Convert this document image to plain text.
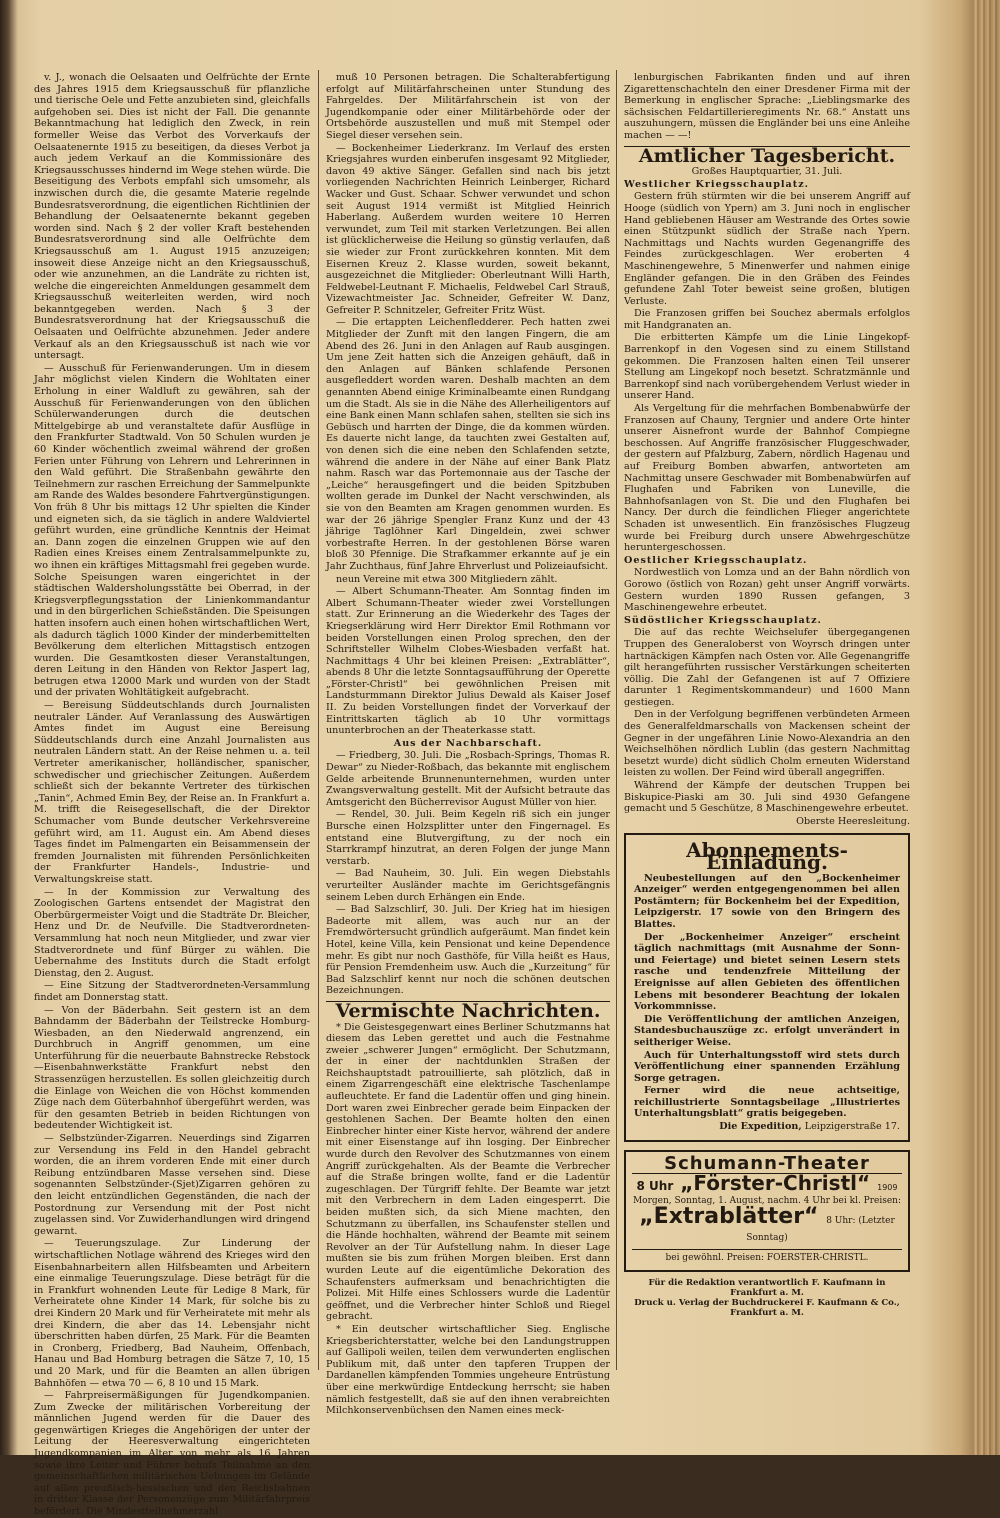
v. J., wonach die Oelsaaten und Oelfrüchte der Ernte des Jahres 1915 dem Kriegsausschuß für pflanzliche und tierische Oele und Fette anzubieten sind, gleichfalls aufgehoben sei. Dies ist nicht der Fall. Die genannte Bekanntmachung hat lediglich den Zweck, in rein formeller Weise das Verbot des Vorverkaufs der Oelsaatenernte 1915 zu beseitigen, da dieses Verbot ja auch jedem Verkauf an die Kommissionäre des Kriegsausschusses hindernd im Wege stehen würde. Die Beseitigung des Verbots empfahl sich umsomehr, als inzwischen durch die, die gesamte Materie regelnde Bundesratsverordnung, die eigentlichen Richtlinien der Behandlung der Oelsaatenernte bekannt gegeben worden sind. Nach § 2 der voller Kraft bestehenden Bundesratsverordnung sind alle Oelfrüchte dem Kriegsausschuß am 1. August 1915 anzuzeigen; insoweit diese Anzeige nicht an den Kriegsausschuß, oder wie anzunehmen, an die Landräte zu richten ist, welche die eingereichten Anmeldungen gesammelt dem Kriegsausschuß weiterleiten werden, wird noch bekanntgegeben werden. Nach § 3 der Bundesratsverordnung hat der Kriegsausschuß die Oelsaaten und Oelfrüchte abzunehmen. Jeder andere Verkauf als an den Kriegsausschuß ist nach wie vor untersagt.

— Ausschuß für Ferienwanderungen. Um in diesem Jahr möglichst vielen Kindern die Wohltaten einer Erholung in einer Waldluft zu gewähren, sah der Ausschuß für Ferienwanderungen von den üblichen Schülerwanderungen durch die deutschen Mittelgebirge ab und veranstaltete dafür Ausflüge in den Frankfurter Stadtwald. Von 50 Schulen wurden je 60 Kinder wöchentlich zweimal während der großen Ferien unter Führung von Lehrern und Lehrerinnen in den Wald geführt. Die Straßenbahn gewährte den Teilnehmern zur raschen Erreichung der Sammelpunkte am Rande des Waldes besondere Fahrtvergünstigungen. Von früh 8 Uhr bis mittags 12 Uhr spielten die Kinder und eigneten sich, da sie täglich in andere Waldviertel geführt wurden, eine gründliche Kenntnis der Heimat an. Dann zogen die einzelnen Gruppen wie auf den Radien eines Kreises einem Zentralsammelpunkte zu, wo ihnen ein kräftiges Mittagsmahl frei gegeben wurde. Solche Speisungen waren eingerichtet in der städtischen Waldersholungsstätte bei Oberrad, in der Kriegsverpflegungsstation der Linienkommandantur und in den bürgerlichen Schießständen. Die Speisungen hatten insofern auch einen hohen wirtschaftlichen Wert, als dadurch täglich 1000 Kinder der minderbemittelten Bevölkerung dem elterlichen Mittagstisch entzogen wurden. Die Gesamtkosten dieser Veranstaltungen, deren Leitung in den Händen von Rektor Jaspert lag, betrugen etwa 12000 Mark und wurden von der Stadt und der privaten Wohltätigkeit aufgebracht.

— Bereisung Süddeutschlands durch Journalisten neutraler Länder. Auf Veranlassung des Auswärtigen Amtes findet im August eine Bereisung Süddeutschlands durch eine Anzahl Journalisten aus neutralen Ländern statt. An der Reise nehmen u. a. teil Vertreter amerikanischer, holländischer, spanischer, schwedischer und griechischer Zeitungen. Außerdem schließt sich der bekannte Vertreter des türkischen „Tanin“, Achmed Emin Bey, der Reise an. In Frankfurt a. M. trifft die Reisegesellschaft, die der Direktor Schumacher vom Bunde deutscher Verkehrsvereine geführt wird, am 11. August ein. Am Abend dieses Tages findet im Palmengarten ein Beisammensein der fremden Journalisten mit führenden Persönlichkeiten der Frankfurter Handels-, Industrie- und Verwaltungskreise statt.

— In der Kommission zur Verwaltung des Zoologischen Gartens entsendet der Magistrat den Oberbürgermeister Voigt und die Stadträte Dr. Bleicher, Henz und Dr. de Neufville. Die Stadtverordneten-Versammlung hat noch neun Mitglieder, und zwar vier Stadtverordnete und fünf Bürger zu wählen. Die Uebernahme des Instituts durch die Stadt erfolgt Dienstag, den 2. August.

— Eine Sitzung der Stadtverordneten-Versammlung findet am Donnerstag statt.

— Von der Bäderbahn. Seit gestern ist an dem Bahndamm der Bäderbahn der Teilstrecke Homburg-Wiesbaden, an den Niederwald angrenzend, ein Durchbruch in Angriff genommen, um eine Unterführung für die neuerbaute Bahnstrecke Rebstock—Eisenbahnwerkstätte Frankfurt nebst den Strassenzügen herzustellen. Es sollen gleichzeitig durch die Einlage von Weichen die von Höchst kommenden Züge nach dem Güterbahnhof übergeführt werden, was für den gesamten Betrieb in beiden Richtungen von bedeutender Wichtigkeit ist.

— Selbstzünder-Zigarren. Neuerdings sind Zigarren zur Versendung ins Feld in den Handel gebracht worden, die an ihrem vorderen Ende mit einer durch Reibung entzündbaren Masse versehen sind. Diese sogenannten Selbstzünder-(Sjet)Zigarren gehören zu den leicht entzündlichen Gegenständen, die nach der Postordnung zur Versendung mit der Post nicht zugelassen sind. Vor Zuwiderhandlungen wird dringend gewarnt.

— Teuerungszulage. Zur Linderung der wirtschaftlichen Notlage während des Krieges wird den Eisenbahnarbeitern allen Hilfsbeamten und Arbeitern eine einmalige Teuerungszulage. Diese beträgt für die in Frankfurt wohnenden Leute für Ledige 8 Mark, für Verheiratete ohne Kinder 14 Mark, für solche bis zu drei Kindern 20 Mark und für Verheiratete mit mehr als drei Kindern, die aber das 14. Lebensjahr nicht überschritten haben dürfen, 25 Mark. Für die Beamten in Cronberg, Friedberg, Bad Nauheim, Offenbach, Hanau und Bad Homburg betragen die Sätze 7, 10, 15 und 20 Mark, und für die Beamten an allen übrigen Bahnhöfen — etwa 70 — 6, 8 10 und 15 Mark.

— Fahrpreisermäßigungen für Jugendkompanien. Zum Zwecke der militärischen Vorbereitung der männlichen Jugend werden für die Dauer des gegenwärtigen Krieges die Angehörigen der unter der Leitung der Heeresverwaltung eingerichteten Jugendkompanien im Alter von mehr als 16 Jahren sowie ihre Leiter und Führer behufs Teilnahme an den gemeinschaftlichen militärischen Uebungen im Gelände auf allen preußisch-hessischen und den Reichsbahnen in dritter Klasse der Personenzüge zum Militärfahrpreis befördert. Die Mindestteilnehmerzahl

muß 10 Personen betragen. Die Schalterabfertigung erfolgt auf Militärfahrscheinen unter Stundung des Fahrgeldes. Der Militärfahrschein ist von der Jugendkompanie oder einer Militärbehörde oder der Ortsbehörde auszustellen und muß mit Stempel oder Siegel dieser versehen sein.

— Bockenheimer Liederkranz. Im Verlauf des ersten Kriegsjahres wurden einberufen insgesamt 92 Mitglieder, davon 49 aktive Sänger. Gefallen sind nach bis jetzt vorliegenden Nachrichten Heinrich Leinberger, Richard Wacker und Gust. Schaar. Schwer verwundet und schon seit August 1914 vermißt ist Mitglied Heinrich Haberlang. Außerdem wurden weitere 10 Herren verwundet, zum Teil mit starken Verletzungen. Bei allen ist glücklicherweise die Heilung so günstig verlaufen, daß sie wieder zur Front zurückkehren konnten. Mit dem Eisernen Kreuz 2. Klasse wurden, soweit bekannt, ausgezeichnet die Mitglieder: Oberleutnant Willi Harth, Feldwebel-Leutnant F. Michaelis, Feldwebel Carl Strauß, Vizewachtmeister Jac. Schneider, Gefreiter W. Danz, Gefreiter P. Schnitzeler, Gefreiter Fritz Wüst.

— Die ertappten Leichenfledderer. Pech hatten zwei Mitglieder der Zunft mit den langen Fingern, die am Abend des 26. Juni in den Anlagen auf Raub ausgingen. Um jene Zeit hatten sich die Anzeigen gehäuft, daß in den Anlagen auf Bänken schlafende Personen ausgefleddert worden waren. Deshalb machten an dem genannten Abend einige Kriminalbeamte einen Rundgang um die Stadt. Als sie in die Nähe des Allerheiligentors auf eine Bank einen Mann schlafen sahen, stellten sie sich ins Gebüsch und harrten der Dinge, die da kommen würden. Es dauerte nicht lange, da tauchten zwei Gestalten auf, von denen sich die eine neben den Schlafenden setzte, während die andere in der Nähe auf einer Bank Platz nahm. Rasch war das Portemonnaie aus der Tasche der „Leiche“ herausgefingert und die beiden Spitzbuben wollten gerade im Dunkel der Nacht verschwinden, als sie von den Beamten am Kragen genommen wurden. Es war der 26 jährige Spengler Franz Kunz und der 43 jährige Taglöhner Karl Dingeldein, zwei schwer vorbestrafte Herren. In der gestohlenen Börse waren bloß 30 Pfennige. Die Strafkammer erkannte auf je ein Jahr Zuchthaus, fünf Jahre Ehrverlust und Polizeiaufsicht.

neun Vereine mit etwa 300 Mitgliedern zählt.

— Albert Schumann-Theater. Am Sonntag finden im Albert Schumann-Theater wieder zwei Vorstellungen statt. Zur Erinnerung an die Wiederkehr des Tages der Kriegserklärung wird Herr Direktor Emil Rothmann vor beiden Vorstellungen einen Prolog sprechen, den der Schriftsteller Wilhelm Clobes-Wiesbaden verfaßt hat. Nachmittags 4 Uhr bei kleinen Preisen: „Extrablätter“, abends 8 Uhr die letzte Sonntagsaufführung der Operette „Förster-Christl“ bei gewöhnlichen Preisen mit Landsturmmann Direktor Julius Dewald als Kaiser Josef II. Zu beiden Vorstellungen findet der Vorverkauf der Eintrittskarten täglich ab 10 Uhr vormittags ununterbrochen an der Theaterkasse statt.

Aus der Nachbarschaft.

— Friedberg, 30. Juli. Die „Rosbach-Springs, Thomas R. Dewar“ zu Nieder-Roßbach, das bekannte mit englischem Gelde arbeitende Brunnenunternehmen, wurden unter Zwangsverwaltung gestellt. Mit der Aufsicht betraute das Amtsgericht den Bücherrevisor August Müller von hier.

— Rendel, 30. Juli. Beim Kegeln riß sich ein junger Bursche einen Holzsplitter unter den Fingernagel. Es entstand eine Blutvergiftung, zu der noch ein Starrkrampf hinzutrat, an deren Folgen der junge Mann verstarb.

— Bad Nauheim, 30. Juli. Ein wegen Diebstahls verurteilter Ausländer machte im Gerichtsgefängnis seinem Leben durch Erhängen ein Ende.

— Bad Salzschlirf, 30. Juli. Der Krieg hat im hiesigen Badeorte mit allem, was auch nur an der Fremdwörtersucht gründlich aufgeräumt. Man findet kein Hotel, keine Villa, kein Pensionat und keine Dependence mehr. Es gibt nur noch Gasthöfe, für Villa heißt es Haus, für Pension Fremdenheim usw. Auch die „Kurzeitung“ für Bad Salzschlirf kennt nur noch die schönen deutschen Bezeichnungen.

Vermischte Nachrichten.

* Die Geistesgegenwart eines Berliner Schutzmanns hat diesem das Leben gerettet und auch die Festnahme zweier „schwerer Jungen“ ermöglicht. Der Schutzmann, der in einer der nachtdunklen Straßen der Reichshauptstadt patrouillierte, sah plötzlich, daß in einem Zigarrengeschäft eine elektrische Taschenlampe aufleuchtete. Er fand die Ladentür offen und ging hinein. Dort waren zwei Einbrecher gerade beim Einpacken der gestohlenen Sachen. Der Beamte holten den einen Einbrecher hinter einer Kiste hervor, während der andere mit einer Eisenstange auf ihn losging. Der Einbrecher wurde durch den Revolver des Schutzmannes von einem Angriff zurückgehalten. Als der Beamte die Verbrecher auf die Straße bringen wollte, fand er die Ladentür zugeschlagen. Der Türgriff fehlte. Der Beamte war jetzt mit den Verbrechern in dem Laden eingesperrt. Die beiden mußten sich, da sich Miene machten, den Schutzmann zu überfallen, ins Schaufenster stellen und die Hände hochhalten, während der Beamte mit seinem Revolver an der Tür Aufstellung nahm. In dieser Lage mußten sie bis zum frühen Morgen bleiben. Erst dann wurden Leute auf die eigentümliche Dekoration des Schaufensters aufmerksam und benachrichtigten die Polizei. Mit Hilfe eines Schlossers wurde die Ladentür geöffnet, und die Verbrecher hinter Schloß und Riegel gebracht.

* Ein deutscher wirtschaftlicher Sieg. Englische Kriegsberichterstatter, welche bei den Landungstruppen auf Gallipoli weilen, teilen dem verwunderten englischen Publikum mit, daß unter den tapferen Truppen der Dardanellen kämpfenden Tommies ungeheure Entrüstung über eine merkwürdige Entdeckung herrscht; sie haben nämlich festgestellt, daß sie auf den ihnen verabreichten Milchkonservenbüchsen den Namen eines meck-

lenburgischen Fabrikanten finden und auf ihren Zigarettenschachteln den einer Dresdener Firma mit der Bemerkung in englischer Sprache: „Lieblingsmarke des sächsischen Feldartillerieregiments Nr. 68.“ Anstatt uns auszuhungern, müssen die Engländer bei uns eine Anleihe machen — —!

Amtlicher Tagesbericht.

Großes Hauptquartier, 31. Juli.

Westlicher Kriegsschauplatz.

Gestern früh stürmten wir die bei unserem Angriff auf Hooge (südlich von Ypern) am 3. Juni noch in englischer Hand gebliebenen Häuser am Westrande des Ortes sowie einen Stützpunkt südlich der Straße nach Ypern. Nachmittags und Nachts wurden Gegenangriffe des Feindes zurückgeschlagen. Wer eroberten 4 Maschinengewehre, 5 Minenwerfer und nahmen einige Engländer gefangen. Die in den Gräben des Feindes gefundene Zahl Toter beweist seine großen, blutigen Verluste.

Die Franzosen griffen bei Souchez abermals erfolglos mit Handgranaten an.

Die erbitterten Kämpfe um die Linie Lingekopf-Barrenkopf in den Vogesen sind zu einem Stillstand gekommen. Die Franzosen halten einen Teil unserer Stellung am Lingekopf noch besetzt. Schratzmännle und Barrenkopf sind nach vorübergehendem Verlust wieder in unserer Hand.

Als Vergeltung für die mehrfachen Bombenabwürfe der Franzosen auf Chauny, Tergnier und andere Orte hinter unserer Aisnefront wurde der Bahnhof Compiegne beschossen. Auf Angriffe französischer Fluggeschwader, der gestern auf Pfalzburg, Zabern, nördlich Hagenau und auf Freiburg Bomben abwarfen, antworteten am Nachmittag unsere Geschwader mit Bombenabwürfen auf Flughafen und Fabriken von Luneville, die Bahnhofsanlagen von St. Die und den Flughafen bei Nancy. Der durch die feindlichen Flieger angerichtete Schaden ist unwesentlich. Ein französisches Flugzeug wurde bei Freiburg durch unsere Abwehrgeschütze heruntergeschossen.

Oestlicher Kriegsschauplatz.

Nordwestlich von Lomza und an der Bahn nördlich von Gorowo (östlich von Rozan) geht unser Angriff vorwärts. Gestern wurden 1890 Russen gefangen, 3 Maschinengewehre erbeutet.

Südöstlicher Kriegsschauplatz.

Die auf das rechte Weichselufer übergegangenen Truppen des Generaloberst von Woyrsch dringen unter hartnäckigen Kämpfen nach Osten vor. Alle Gegenangriffe gilt herangeführten russischer Verstärkungen scheiterten völlig. Die Zahl der Gefangenen ist auf 7 Offiziere darunter 1 Regimentskommandeur) und 1600 Mann gestiegen.

Den in der Verfolgung begriffenen verbündeten Armeen des Generalfeldmarschalls von Mackensen scheint der Gegner in der ungefähren Linie Nowo-Alexandria an den Weichselhöhen nördlich Lublin (das gestern Nachmittag besetzt wurde) dicht südlich Cholm erneuten Widerstand leisten zu wollen. Der Feind wird überall angegriffen.

Während der Kämpfe der deutschen Truppen bei Biskupice-Piaski am 30. Juli sind 4930 Gefangene gemacht und 5 Geschütze, 8 Maschinengewehre erbeutet.

Oberste Heeresleitung.

Abonnements-Einladung.

Neubestellungen auf den „Bockenheimer Anzeiger“ werden entgegengenommen bei allen Postämtern; für Bockenheim bei der Expedition, Leipzigerstr. 17 sowie von den Bringern des Blattes.

Der „Bockenheimer Anzeiger“ erscheint täglich nachmittags (mit Ausnahme der Sonn- und Feiertage) und bietet seinen Lesern stets rasche und tendenzfreie Mitteilung der Ereignisse auf allen Gebieten des öffentlichen Lebens mit besonderer Beachtung der lokalen Vorkommnisse.

Die Veröffentlichung der amtlichen Anzeigen, Standesbuchauszüge zc. erfolgt unverändert in seitheriger Weise.

Auch für Unterhaltungsstoff wird stets durch Veröffentlichung einer spannenden Erzählung Sorge getragen.

Ferner wird die neue achtseitige, reichillustrierte Sonntagsbeilage „Illustriertes Unterhaltungsblatt“ gratis beigegeben.

Die Expedition, Leipzigerstraße 17.

Schumann-Theater
8 Uhr „Förster-Christl“ 1909
Morgen, Sonntag, 1. August, nachm. 4 Uhr bei kl. Preisen:
„Extrablätter“ 8 Uhr: (Letzter Sonntag)
bei gewöhnl. Preisen: FOERSTER-CHRISTL.
Für die Redaktion verantwortlich F. Kaufmann in Frankfurt a. M.
Druck u. Verlag der Buchdruckerei F. Kaufmann & Co., Frankfurt a. M.
